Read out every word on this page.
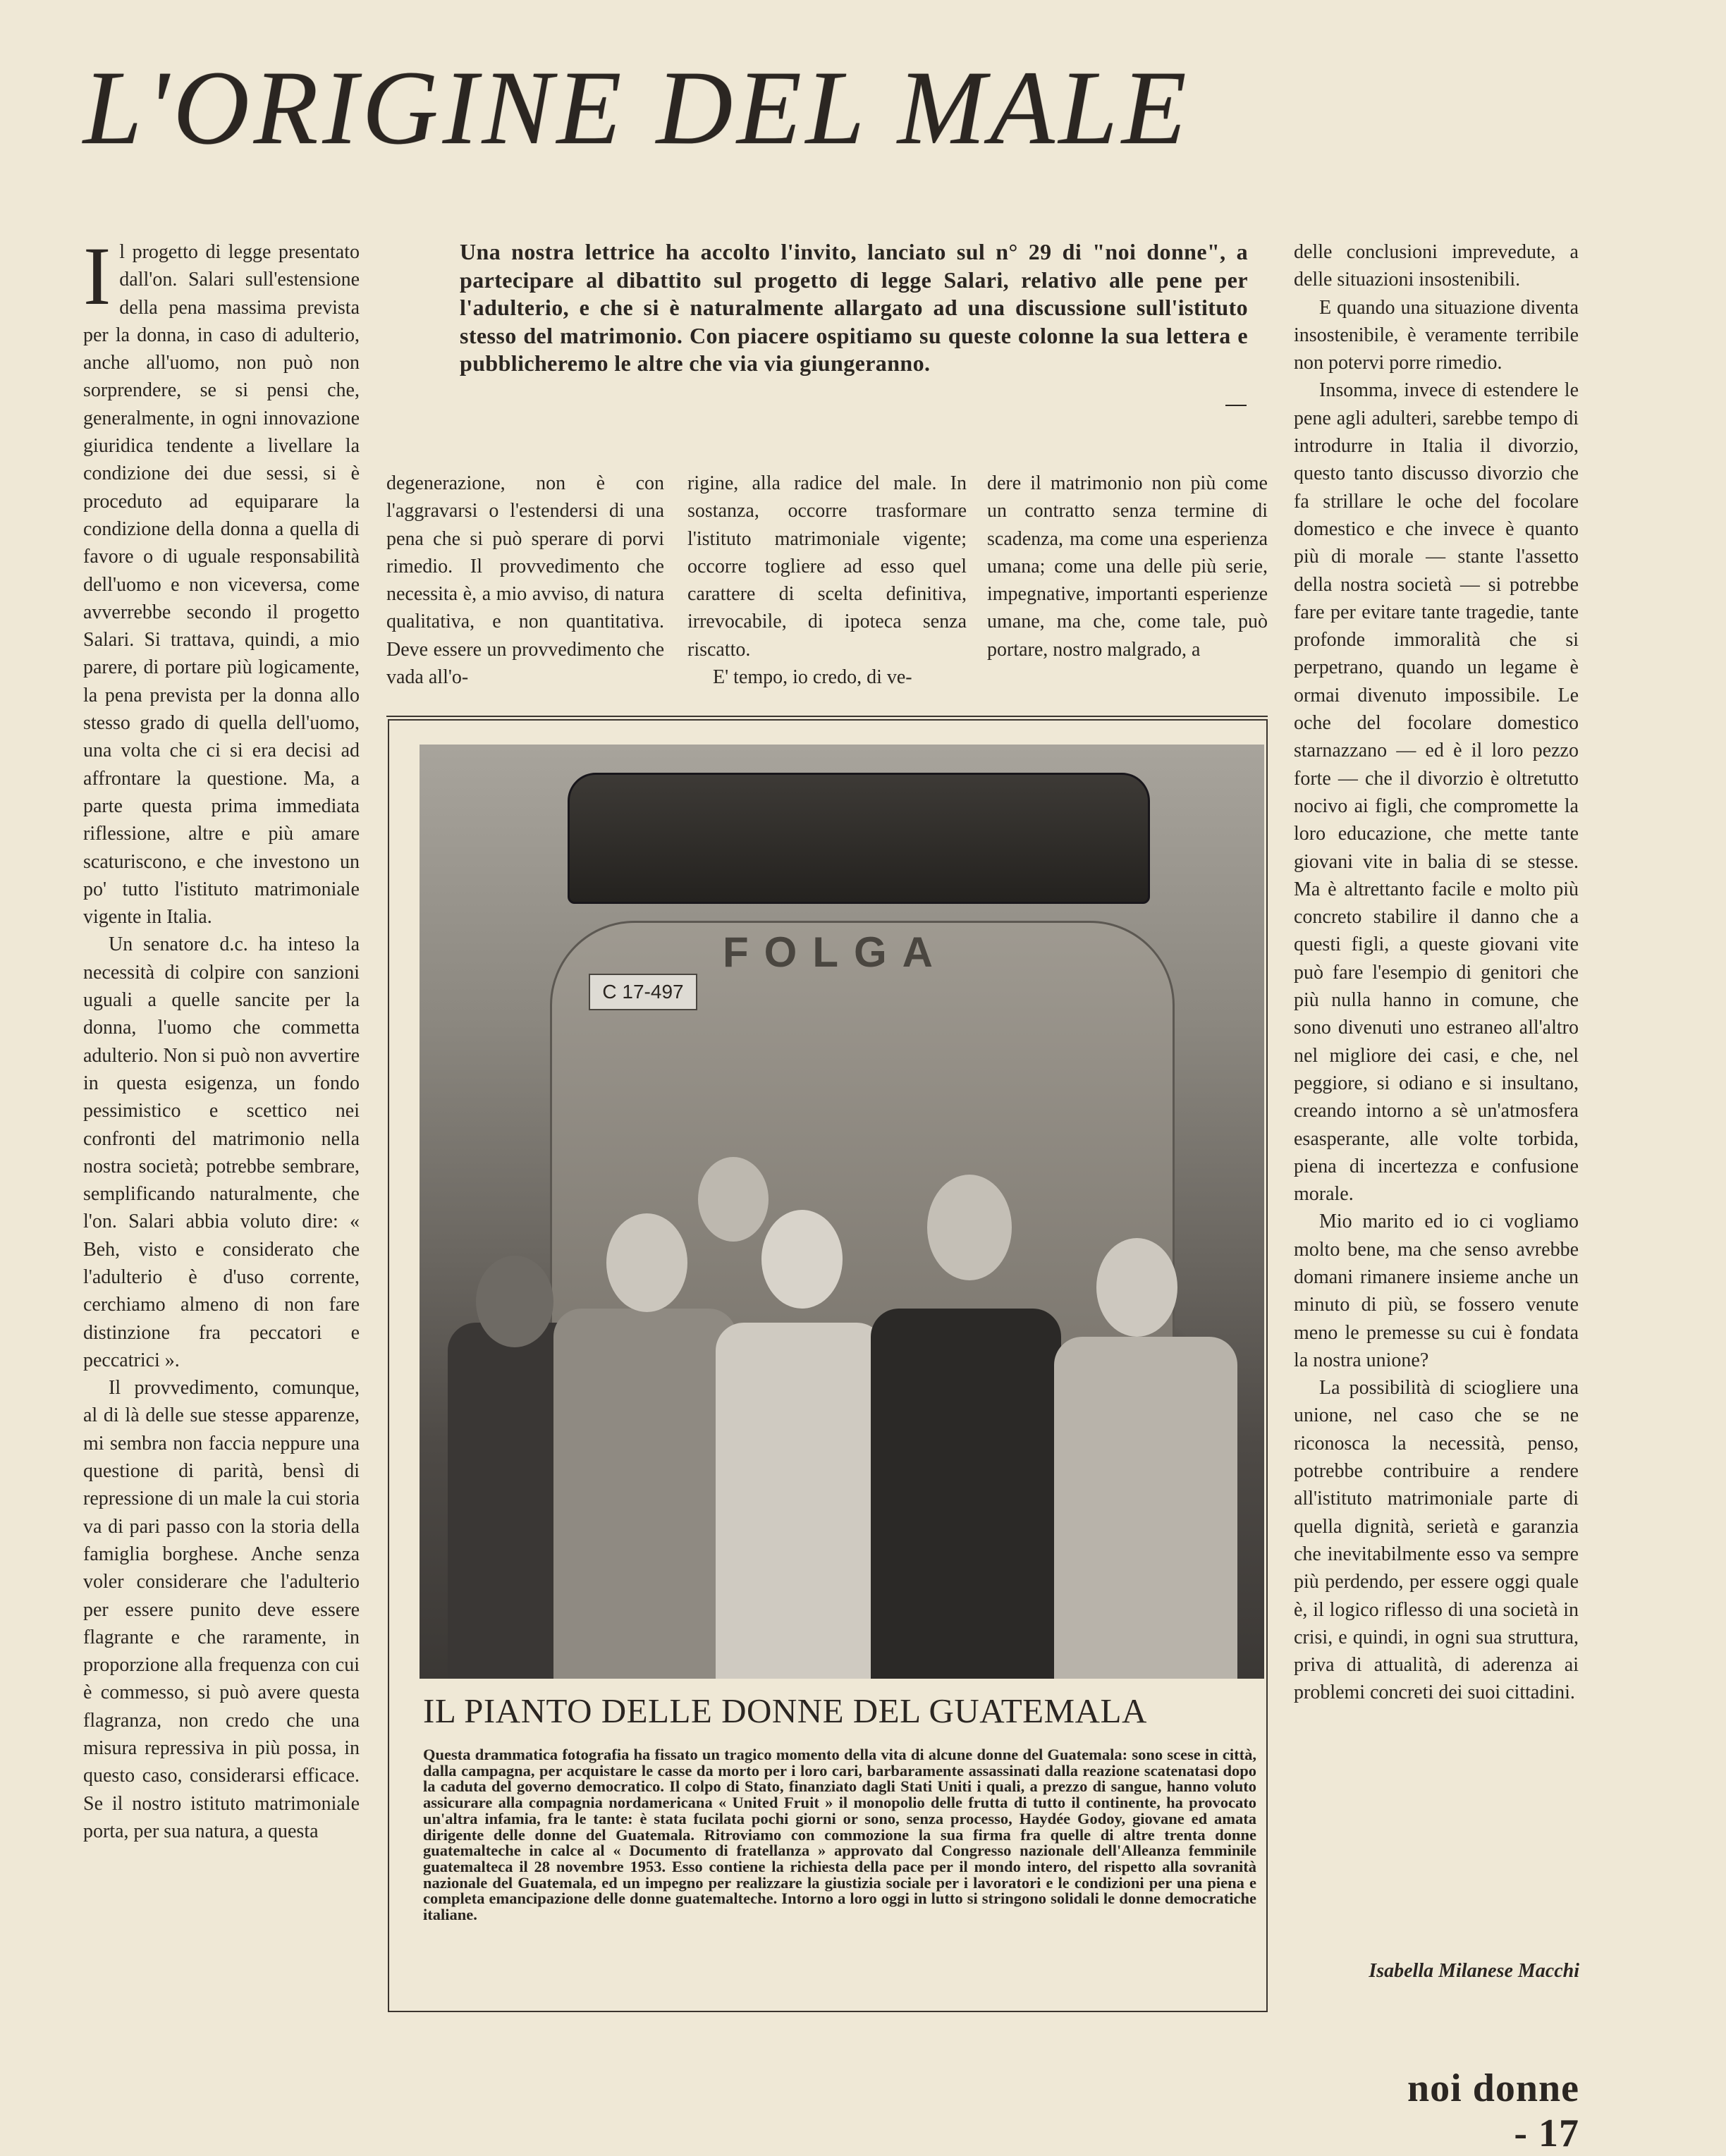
L'ORIGINE DEL MALE

Il progetto di legge presentato dall'on. Salari sull'estensione della pena massima prevista per la donna, in caso di adulterio, anche all'uomo, non può non sorprendere, se si pensi che, generalmente, in ogni innovazione giuridica tendente a livellare la condizione dei due sessi, si è proceduto ad equiparare la condizione della donna a quella di favore o di uguale responsabilità dell'uomo e non viceversa, come avverrebbe secondo il progetto Salari. Si trattava, quindi, a mio parere, di portare più logicamente, la pena prevista per la donna allo stesso grado di quella dell'uomo, una volta che ci si era decisi ad affrontare la questione. Ma, a parte questa prima immediata riflessione, altre e più amare scaturiscono, e che investono un po' tutto l'istituto matrimoniale vigente in Italia.

Un senatore d.c. ha inteso la necessità di colpire con sanzioni uguali a quelle sancite per la donna, l'uomo che commetta adulterio. Non si può non avvertire in questa esigenza, un fondo pessimistico e scettico nei confronti del matrimonio nella nostra società; potrebbe sembrare, semplificando naturalmente, che l'on. Salari abbia voluto dire: « Beh, visto e considerato che l'adulterio è d'uso corrente, cerchiamo almeno di non fare distinzione fra peccatori e peccatrici ».

Il provvedimento, comunque, al di là delle sue stesse apparenze, mi sembra non faccia neppure una questione di parità, bensì di repressione di un male la cui storia va di pari passo con la storia della famiglia borghese. Anche senza voler considerare che l'adulterio per essere punito deve essere flagrante e che raramente, in proporzione alla frequenza con cui è commesso, si può avere questa flagranza, non credo che una misura repressiva in più possa, in questo caso, considerarsi efficace. Se il nostro istituto matrimoniale porta, per sua natura, a questa

Una nostra lettrice ha accolto l'invito, lanciato sul n° 29 di "noi donne", a partecipare al dibattito sul progetto di legge Salari, relativo alle pene per l'adulterio, e che si è naturalmente allargato ad una discussione sull'istituto stesso del matrimonio. Con piacere ospitiamo su queste colonne la sua lettera e pubblicheremo le altre che via via giungeranno.

degenerazione, non è con l'aggravarsi o l'estendersi di una pena che si può sperare di porvi rimedio. Il provvedimento che necessita è, a mio avviso, di natura qualitativa, e non quantitativa. Deve essere un provvedimento che vada all'o-

rigine, alla radice del male. In sostanza, occorre trasformare l'istituto matrimoniale vigente; occorre togliere ad esso quel carattere di scelta definitiva, irrevocabile, di ipoteca senza riscatto.

E' tempo, io credo, di ve-

dere il matrimonio non più come un contratto senza termine di scadenza, ma come una esperienza umana; come una delle più serie, impegnative, importanti esperienze umane, ma che, come tale, può portare, nostro malgrado, a

delle conclusioni imprevedute, a delle situazioni insostenibili.

E quando una situazione diventa insostenibile, è veramente terribile non potervi porre rimedio.

Insomma, invece di estendere le pene agli adulteri, sarebbe tempo di introdurre in Italia il divorzio, questo tanto discusso divorzio che fa strillare le oche del focolare domestico e che invece è quanto più di morale — stante l'assetto della nostra società — si potrebbe fare per evitare tante tragedie, tante profonde immoralità che si perpetrano, quando un legame è ormai divenuto impossibile. Le oche del focolare domestico starnazzano — ed è il loro pezzo forte — che il divorzio è oltretutto nocivo ai figli, che compromette la loro educazione, che mette tante giovani vite in balia di se stesse. Ma è altrettanto facile e molto più concreto stabilire il danno che a questi figli, a queste giovani vite può fare l'esempio di genitori che più nulla hanno in comune, che sono divenuti uno estraneo all'altro nel migliore dei casi, e che, nel peggiore, si odiano e si insultano, creando intorno a sè un'atmosfera esasperante, alle volte torbida, piena di incertezza e confusione morale.

Mio marito ed io ci vogliamo molto bene, ma che senso avrebbe domani rimanere insieme anche un minuto di più, se fossero venute meno le premesse su cui è fondata la nostra unione?

La possibilità di sciogliere una unione, nel caso che se ne riconosca la necessità, penso, potrebbe contribuire a rendere all'istituto matrimoniale parte di quella dignità, serietà e garanzia che inevitabilmente esso va sempre più perdendo, per essere oggi quale è, il logico riflesso di una società in crisi, e quindi, in ogni sua struttura, priva di attualità, di aderenza ai problemi concreti dei suoi cittadini.

Isabella Milanese Macchi
FOLGA
C 17-497
IL PIANTO DELLE DONNE DEL GUATEMALA
Questa drammatica fotografia ha fissato un tragico momento della vita di alcune donne del Guatemala: sono scese in città, dalla campagna, per acquistare le casse da morto per i loro cari, barbaramente assassinati dalla reazione scatenatasi dopo la caduta del governo democratico. Il colpo di Stato, finanziato dagli Stati Uniti i quali, a prezzo di sangue, hanno voluto assicurare alla compagnia nordamericana « United Fruit » il monopolio delle frutta di tutto il continente, ha provocato un'altra infamia, fra le tante: è stata fucilata pochi giorni or sono, senza processo, Haydée Godoy, giovane ed amata dirigente delle donne del Guatemala. Ritroviamo con commozione la sua firma fra quelle di altre trenta donne guatemalteche in calce al « Documento di fratellanza » approvato dal Congresso nazionale dell'Alleanza femminile guatemalteca il 28 novembre 1953. Esso contiene la richiesta della pace per il mondo intero, del rispetto alla sovranità nazionale del Guatemala, ed un impegno per realizzare la giustizia sociale per i lavoratori e le condizioni per una piena e completa emancipazione delle donne guatemalteche. Intorno a loro oggi in lutto si stringono solidali le donne democratiche italiane.
noi donne - 17
